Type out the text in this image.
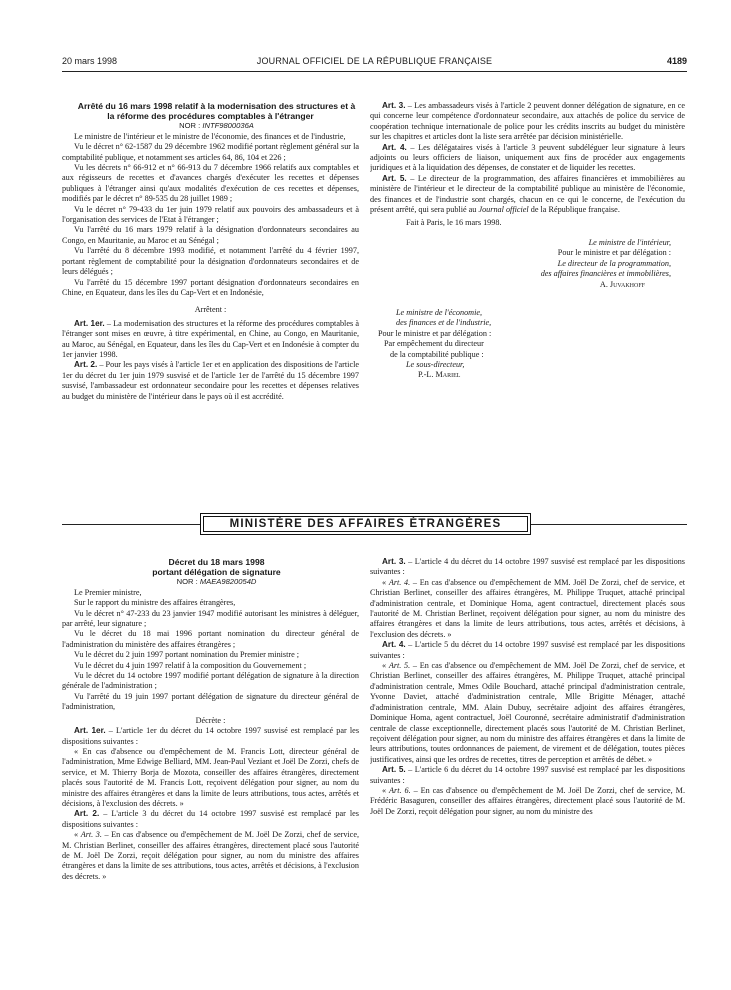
20 mars 1998	JOURNAL OFFICIEL DE LA RÉPUBLIQUE FRANÇAISE	4189

Arrêté du 16 mars 1998 relatif à la modernisation des structures et à la réforme des procédures comptables à l'étranger

NOR : INTF9800036A

Le ministre de l'intérieur et le ministre de l'économie, des finances et de l'industrie,

Vu le décret n° 62-1587 du 29 décembre 1962 modifié portant règlement général sur la comptabilité publique, et notamment ses articles 64, 86, 104 et 226 ;

Vu les décrets n° 66-912 et n° 66-913 du 7 décembre 1966 relatifs aux comptables et aux régisseurs de recettes et d'avances chargés d'exécuter les recettes et dépenses publiques à l'étranger ainsi qu'aux modalités d'exécution de ces recettes et dépenses, modifiés par le décret n° 89-535 du 28 juillet 1989 ;

Vu le décret n° 79-433 du 1er juin 1979 relatif aux pouvoirs des ambassadeurs et à l'organisation des services de l'Etat à l'étranger ;

Vu l'arrêté du 16 mars 1979 relatif à la désignation d'ordonnateurs secondaires au Congo, en Mauritanie, au Maroc et au Sénégal ;

Vu l'arrêté du 8 décembre 1993 modifié, et notamment l'arrêté du 4 février 1997, portant règlement de comptabilité pour la désignation d'ordonnateurs secondaires et de leurs délégués ;

Vu l'arrêté du 15 décembre 1997 portant désignation d'ordonnateurs secondaires en Chine, en Equateur, dans les îles du Cap-Vert et en Indonésie,

Arrêtent :

Art. 1er. – La modernisation des structures et la réforme des procédures comptables à l'étranger sont mises en œuvre, à titre expérimental, en Chine, au Congo, en Mauritanie, au Maroc, au Sénégal, en Equateur, dans les îles du Cap-Vert et en Indonésie à compter du 1er janvier 1998.

Art. 2. – Pour les pays visés à l'article 1er et en application des dispositions de l'article 1er du décret du 1er juin 1979 susvisé et de l'article 1er de l'arrêté du 15 décembre 1997 susvisé, l'ambassadeur est ordonnateur secondaire pour les recettes et dépenses relatives au budget du ministère de l'intérieur dans le pays où il est accrédité.

Art. 3. – Les ambassadeurs visés à l'article 2 peuvent donner délégation de signature, en ce qui concerne leur compétence d'ordonnateur secondaire, aux attachés de police du service de coopération technique internationale de police pour les crédits inscrits au budget du ministère sur les chapitres et articles dont la liste sera arrêtée par décision ministérielle.

Art. 4. – Les délégataires visés à l'article 3 peuvent subdéléguer leur signature à leurs adjoints ou leurs officiers de liaison, uniquement aux fins de procéder aux engagements juridiques et à la liquidation des dépenses, de constater et de liquider les recettes.

Art. 5. – Le directeur de la programmation, des affaires financières et immobilières au ministère de l'intérieur et le directeur de la comptabilité publique au ministère de l'économie, des finances et de l'industrie sont chargés, chacun en ce qui le concerne, de l'exécution du présent arrêté, qui sera publié au Journal officiel de la République française.

Fait à Paris, le 16 mars 1998.

Le ministre de l'intérieur,

Pour le ministre et par délégation :

Le directeur de la programmation,

des affaires financières et immobilières,

A. Juvakhoff

Le ministre de l'économie,

des finances et de l'industrie,

Pour le ministre et par délégation :

Par empêchement du directeur

de la comptabilité publique :

Le sous-directeur,

P.-L. Mariel

MINISTÈRE DES AFFAIRES ÉTRANGÈRES

Décret du 18 mars 1998

portant délégation de signature

NOR : MAEA9820054D

Le Premier ministre,

Sur le rapport du ministre des affaires étrangères,

Vu le décret n° 47-233 du 23 janvier 1947 modifié autorisant les ministres à déléguer, par arrêté, leur signature ;

Vu le décret du 18 mai 1996 portant nomination du directeur général de l'administration du ministère des affaires étrangères ;

Vu le décret du 2 juin 1997 portant nomination du Premier ministre ;

Vu le décret du 4 juin 1997 relatif à la composition du Gouvernement ;

Vu le décret du 14 octobre 1997 modifié portant délégation de signature à la direction générale de l'administration ;

Vu l'arrêté du 19 juin 1997 portant délégation de signature du directeur général de l'administration,

Décrète :

Art. 1er. – L'article 1er du décret du 14 octobre 1997 susvisé est remplacé par les dispositions suivantes :

« En cas d'absence ou d'empêchement de M. Francis Lott, directeur général de l'administration, Mme Edwige Belliard, MM. Jean-Paul Veziant et Joël De Zorzi, chefs de service, et M. Thierry Borja de Mozota, conseiller des affaires étrangères, directement placés sous l'autorité de M. Francis Lott, reçoivent délégation pour signer, au nom du ministre des affaires étrangères et dans la limite de leurs attributions, tous actes, arrêtés et décisions, à l'exclusion des décrets. »

Art. 2. – L'article 3 du décret du 14 octobre 1997 susvisé est remplacé par les dispositions suivantes :

« Art. 3. – En cas d'absence ou d'empêchement de M. Joël De Zorzi, chef de service, M. Christian Berlinet, conseiller des affaires étrangères, directement placé sous l'autorité de M. Joël De Zorzi, reçoit délégation pour signer, au nom du ministre des affaires étrangères et dans la limite de ses attributions, tous actes, arrêtés et décisions, à l'exclusion des décrets. »

Art. 3. – L'article 4 du décret du 14 octobre 1997 susvisé est remplacé par les dispositions suivantes :

« Art. 4. – En cas d'absence ou d'empêchement de MM. Joël De Zorzi, chef de service, et Christian Berlinet, conseiller des affaires étrangères, M. Philippe Truquet, attaché principal d'administration centrale, et Dominique Homa, agent contractuel, directement placés sous l'autorité de M. Christian Berlinet, reçoivent délégation pour signer, au nom du ministre des affaires étrangères et dans la limite de leurs attributions, tous actes, arrêtés et décisions, à l'exclusion des décrets. »

Art. 4. – L'article 5 du décret du 14 octobre 1997 susvisé est remplacé par les dispositions suivantes :

« Art. 5. – En cas d'absence ou d'empêchement de MM. Joël De Zorzi, chef de service, et Christian Berlinet, conseiller des affaires étrangères, M. Philippe Truquet, attaché principal d'administration centrale, Mmes Odile Bouchard, attaché principal d'administration centrale, Yvonne Daviet, attaché d'administration centrale, Mlle Brigitte Ménager, attaché d'administration centrale, MM. Alain Dubuy, secrétaire adjoint des affaires étrangères, Dominique Homa, agent contractuel, Joël Couronné, secrétaire administratif d'administration centrale de classe exceptionnelle, directement placés sous l'autorité de M. Christian Berlinet, reçoivent délégation pour signer, au nom du ministre des affaires étrangères et dans la limite de leurs attributions, toutes ordonnances de paiement, de virement et de délégation, toutes pièces justificatives, ainsi que les ordres de recettes, titres de perception et arrêtés de débet. »

Art. 5. – L'article 6 du décret du 14 octobre 1997 susvisé est remplacé par les dispositions suivantes :

« Art. 6. – En cas d'absence ou d'empêchement de M. Joël De Zorzi, chef de service, M. Frédéric Basaguren, conseiller des affaires étrangères, directement placé sous l'autorité de M. Joël De Zorzi, reçoit délégation pour signer, au nom du ministre des
